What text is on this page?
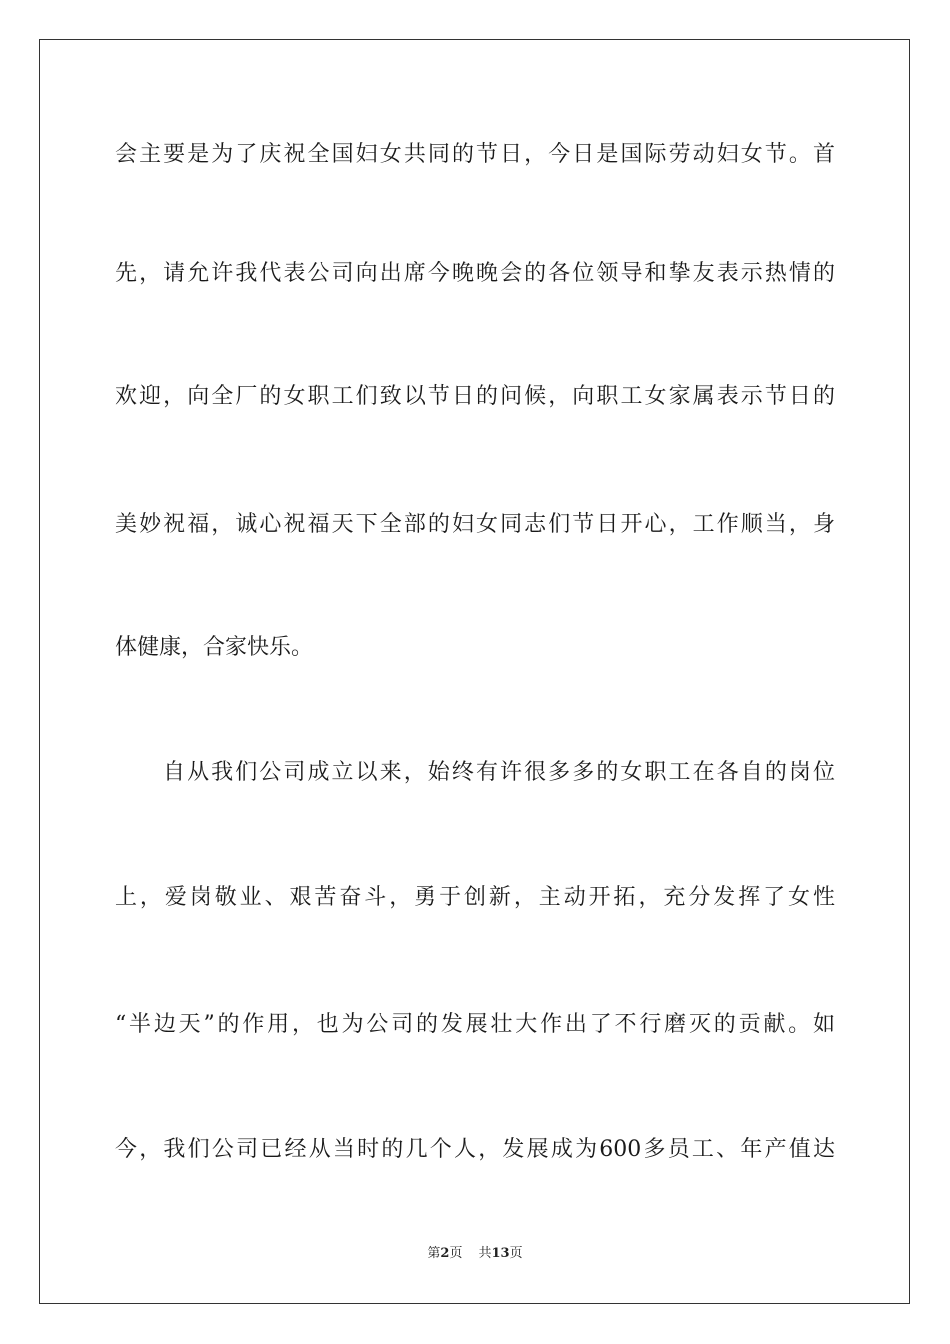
会主要是为了庆祝全国妇女共同的节日，今日是国际劳动妇女节。首
先，请允许我代表公司向出席今晚晚会的各位领导和挚友表示热情的
欢迎，向全厂的女职工们致以节日的问候，向职工女家属表示节日的
美妙祝福，诚心祝福天下全部的妇女同志们节日开心，工作顺当，身
体健康，合家快乐。
自从我们公司成立以来，始终有许很多多的女职工在各自的岗位
上，爱岗敬业、艰苦奋斗，勇于创新，主动开拓，充分发挥了女性
“半边天”的作用，也为公司的发展壮大作出了不行磨灭的贡献。如
今，我们公司已经从当时的几个人，发展成为600多员工、年产值达
第2页 共13页
